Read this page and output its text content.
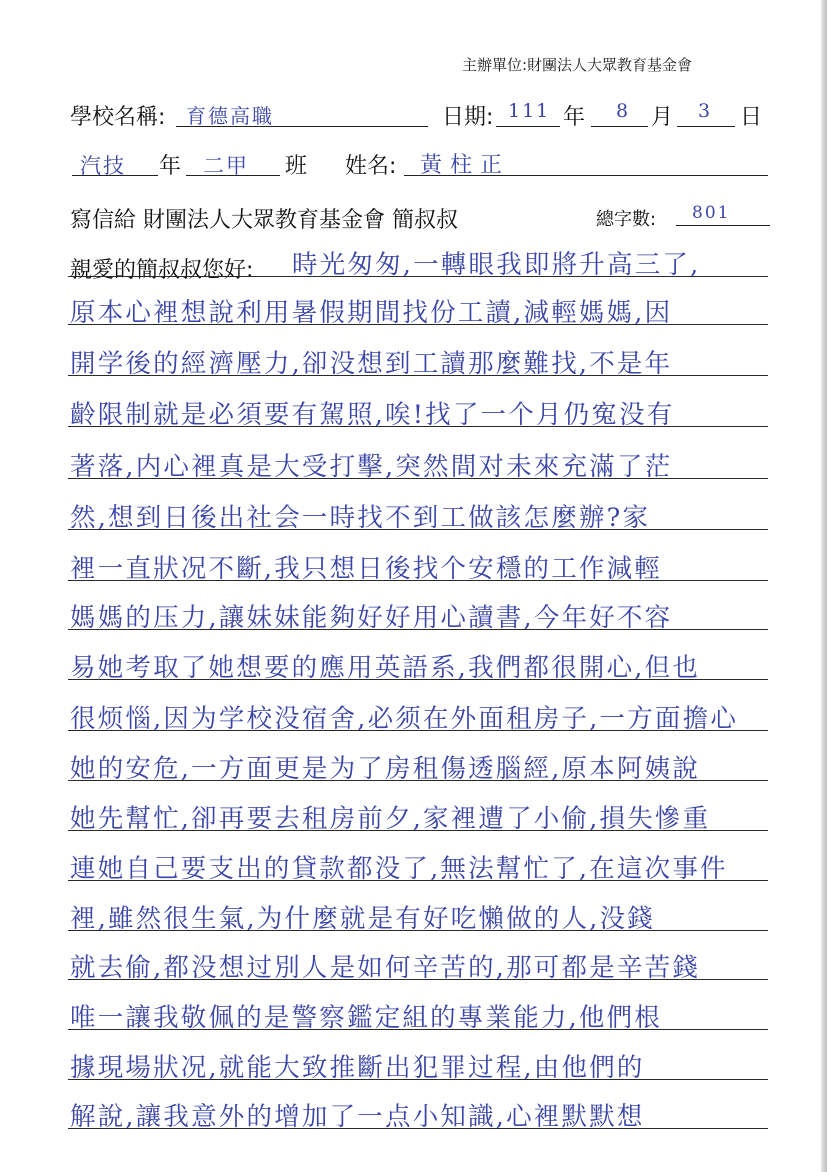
主辦單位:財團法人大眾教育基金會
學校名稱: 育德高職	日期: 111 年 8 月 3 日
汽技 年 二甲 班 姓名: 黃柱正
寫信給 財團法人大眾教育基金會 簡叔叔	總字數: 801
親愛的簡叔叔您好: 時光匆匆,一轉眼我即將升高三了,
原本心裡想說利用暑假期間找份工讀,減輕媽媽,因
開学後的經濟壓力,卻没想到工讀那麼難找,不是年
齡限制就是必須要有駕照,唉!找了一个月仍寃没有
著落,内心裡真是大受打擊,突然間对未來充滿了茫
然,想到日後出社会一時找不到工做該怎麼辦?家
裡一直狀况不斷,我只想日後找个安穩的工作減輕
媽媽的压力,讓妹妹能夠好好用心讀書,今年好不容
易她考取了她想要的應用英語系,我們都很開心,但也
很烦惱,因为学校没宿舍,必须在外面租房子,一方面擔心
她的安危,一方面更是为了房租傷透腦經,原本阿姨說
她先幫忙,卻再要去租房前夕,家裡遭了小偷,損失慘重
連她自己要支出的貸款都没了,無法幫忙了,在這次事件
裡,雖然很生氣,为什麼就是有好吃懶做的人,没錢
就去偷,都没想过別人是如何辛苦的,那可都是辛苦錢
唯一讓我敬佩的是警察鑑定組的專業能力,他們根
據現場狀况,就能大致推斷出犯罪过程,由他們的
解說,讓我意外的增加了一点小知識,心裡默默想
